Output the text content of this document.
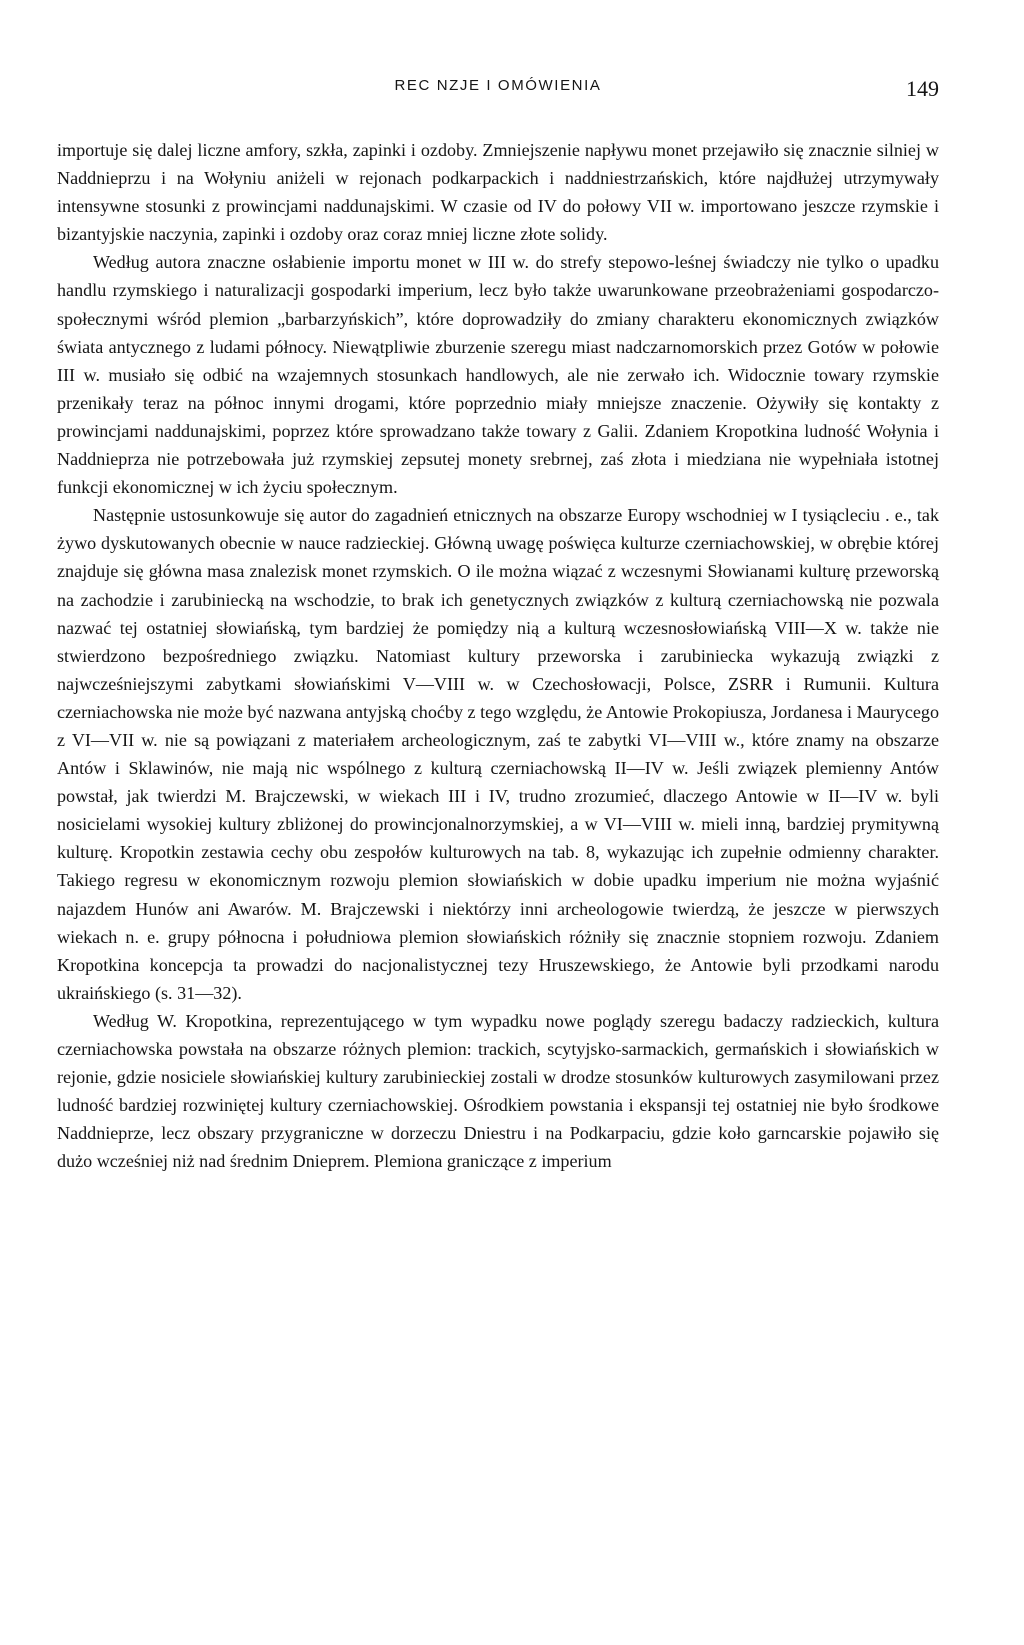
REC NZJE I OMÓWIENIA	149

importuje się dalej liczne amfory, szkła, zapinki i ozdoby. Zmniejszenie napływu monet przejawiło się znacznie silniej w Naddnieprzu i na Wołyniu aniżeli w rejonach podkarpackich i naddniestrzańskich, które najdłużej utrzymywały intensywne stosunki z prowincjami naddunajskimi. W czasie od IV do połowy VII w. importowano jeszcze rzymskie i bizantyjskie naczynia, zapinki i ozdoby oraz coraz mniej liczne złote solidy.

Według autora znaczne osłabienie importu monet w III w. do strefy stepowo-leśnej świadczy nie tylko o upadku handlu rzymskiego i naturalizacji gospodarki imperium, lecz było także uwarunkowane przeobrażeniami gospodarczo-społecznymi wśród plemion „barbarzyńskich”, które doprowadziły do zmiany charakteru ekonomicznych związków świata antycznego z ludami północy. Niewątpliwie zburzenie szeregu miast nadczarnomorskich przez Gotów w połowie III w. musiało się odbić na wzajemnych stosunkach handlowych, ale nie zerwało ich. Widocznie towary rzymskie przenikały teraz na północ innymi drogami, które poprzednio miały mniejsze znaczenie. Ożywiły się kontakty z prowincjami naddunajskimi, poprzez które sprowadzano także towary z Galii. Zdaniem Kropotkina ludność Wołynia i Naddnieprza nie potrzebowała już rzymskiej zepsutej monety srebrnej, zaś złota i miedziana nie wypełniała istotnej funkcji ekonomicznej w ich życiu społecznym.

Następnie ustosunkowuje się autor do zagadnień etnicznych na obszarze Europy wschodniej w I tysiącleciu . e., tak żywo dyskutowanych obecnie w nauce radzieckiej. Główną uwagę poświęca kulturze czerniachowskiej, w obrębie której znajduje się główna masa znalezisk monet rzymskich. O ile można wiązać z wczesnymi Słowianami kulturę przeworską na zachodzie i zarubiniecką na wschodzie, to brak ich genetycznych związków z kulturą czerniachowską nie pozwala nazwać tej ostatniej słowiańską, tym bardziej że pomiędzy nią a kulturą wczesnosłowiańską VIII—X w. także nie stwierdzono bezpośredniego związku. Natomiast kultury przeworska i zarubiniecka wykazują związki z najwcześniejszymi zabytkami słowiańskimi V—VIII w. w Czechosłowacji, Polsce, ZSRR i Rumunii. Kultura czerniachowska nie może być nazwana antyjską choćby z tego względu, że Antowie Prokopiusza, Jordanesa i Maurycego z VI—VII w. nie są powiązani z materiałem archeologicznym, zaś te zabytki VI—VIII w., które znamy na obszarze Antów i Sklawinów, nie mają nic wspólnego z kulturą czerniachowską II—IV w. Jeśli związek plemienny Antów powstał, jak twierdzi M. Brajczewski, w wiekach III i IV, trudno zrozumieć, dlaczego Antowie w II—IV w. byli nosicielami wysokiej kultury zbliżonej do prowincjonalnorzymskiej, a w VI—VIII w. mieli inną, bardziej prymitywną kulturę. Kropotkin zestawia cechy obu zespołów kulturowych na tab. 8, wykazując ich zupełnie odmienny charakter. Takiego regresu w ekonomicznym rozwoju plemion słowiańskich w dobie upadku imperium nie można wyjaśnić najazdem Hunów ani Awarów. M. Brajczewski i niektórzy inni archeologowie twierdzą, że jeszcze w pierwszych wiekach n. e. grupy północna i południowa plemion słowiańskich różniły się znacznie stopniem rozwoju. Zdaniem Kropotkina koncepcja ta prowadzi do nacjonalistycznej tezy Hruszewskiego, że Antowie byli przodkami narodu ukraińskiego (s. 31—32).

Według W. Kropotkina, reprezentującego w tym wypadku nowe poglądy szeregu badaczy radzieckich, kultura czerniachowska powstała na obszarze różnych plemion: trackich, scytyjsko-sarmackich, germańskich i słowiańskich w rejonie, gdzie nosiciele słowiańskiej kultury zarubinieckiej zostali w drodze stosunków kulturowych zasymilowani przez ludność bardziej rozwiniętej kultury czerniachowskiej. Ośrodkiem powstania i ekspansji tej ostatniej nie było środkowe Naddnieprze, lecz obszary przygraniczne w dorzeczu Dniestru i na Podkarpaciu, gdzie koło garncarskie pojawiło się dużo wcześniej niż nad średnim Dnieprem. Plemiona graniczące z imperium
